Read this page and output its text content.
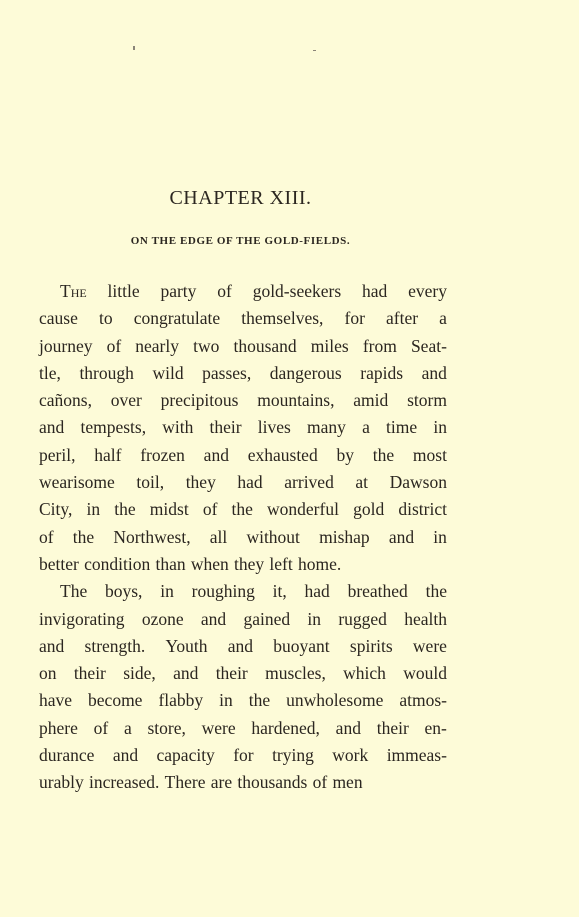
CHAPTER XIII.
ON THE EDGE OF THE GOLD-FIELDS.
The little party of gold-seekers had every
cause to congratulate themselves, for after a
journey of nearly two thousand miles from Seat-
tle, through wild passes, dangerous rapids and
cañons, over precipitous mountains, amid storm
and tempests, with their lives many a time in
peril, half frozen and exhausted by the most
wearisome toil, they had arrived at Dawson
City, in the midst of the wonderful gold district
of the Northwest, all without mishap and in
better condition than when they left home.
The boys, in roughing it, had breathed the
invigorating ozone and gained in rugged health
and strength. Youth and buoyant spirits were
on their side, and their muscles, which would
have become flabby in the unwholesome atmos-
phere of a store, were hardened, and their en-
durance and capacity for trying work immeas-
urably increased. There are thousands of men
